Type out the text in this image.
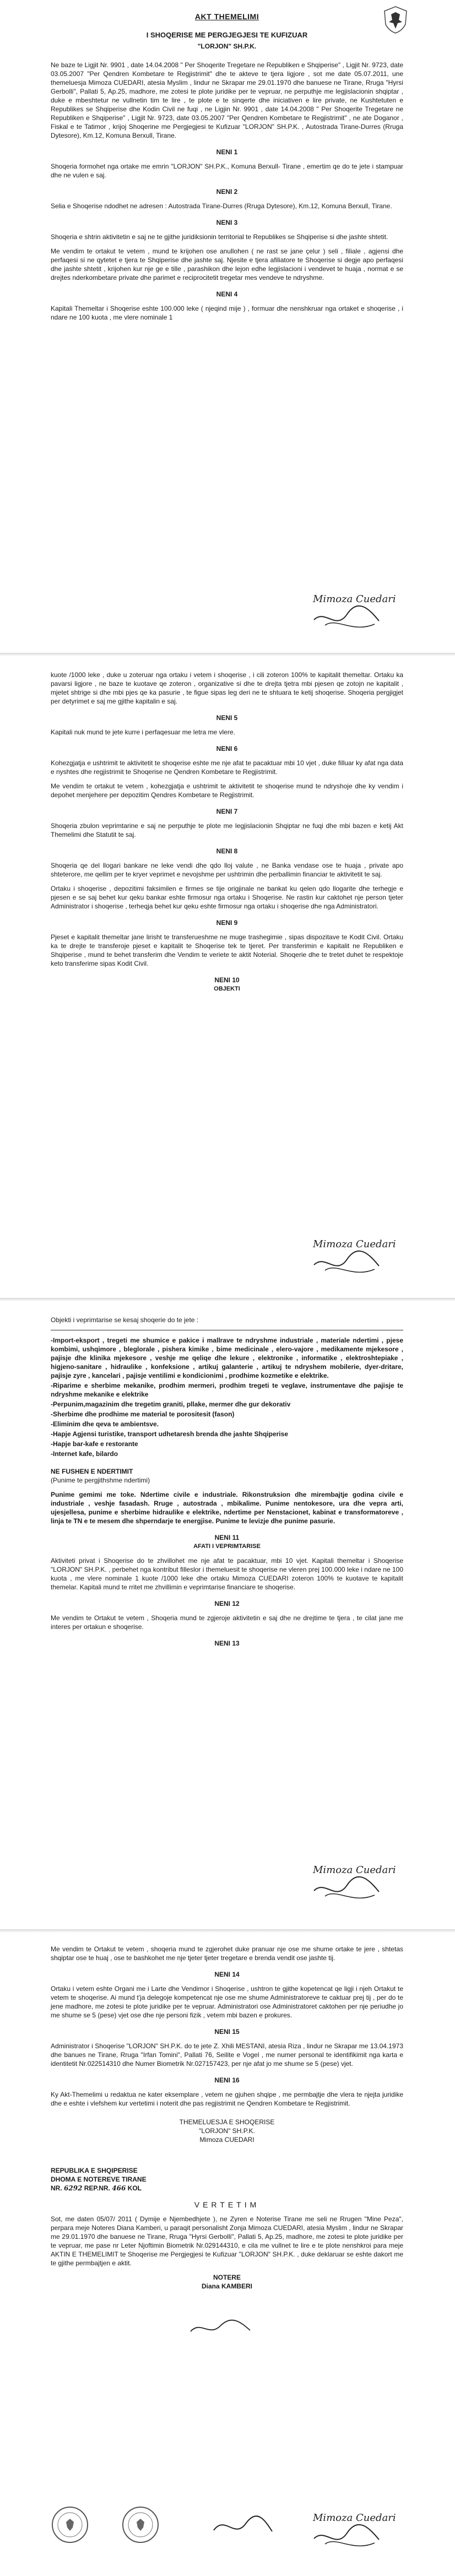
AKT THEMELIMI
I SHOQERISE ME PERGJEGJESI TE KUFIZUAR
"LORJON" SH.P.K.

Ne baze te Ligjit Nr. 9901 , date 14.04.2008 " Per Shoqerite Tregetare ne Republiken e Shqiperise" , Ligjit Nr. 9723, date 03.05.2007 "Per Qendren Kombetare te Regjistrimit" dhe te akteve te tjera ligjore , sot me date 05.07.2011, une themeluesja Mimoza CUEDARI, atesia Myslim , lindur ne Skrapar me 29.01.1970 dhe banuese ne Tirane, Rruga "Hyrsi Gerbolli", Pallati 5, Ap.25, madhore, me zotesi te plote juridike per te vepruar, ne perputhje me legjislacionin shqiptar , duke e mbeshtetur ne vullnetin tim te lire , te plote e te sinqerte dhe iniciativen e lire private, ne Kushtetuten e Republikes se Shqiperise dhe Kodin Civil ne fuqi , ne Ligjin Nr. 9901 , date 14.04.2008 " Per Shoqerite Tregetare ne Republiken e Shqiperise" , Ligjit Nr. 9723, date 03.05.2007 "Per Qendren Kombetare te Regjistrimit" , ne ate Doganor , Fiskal e te Tatimor , krijoj Shoqerine me Pergjegjesi te Kufizuar "LORJON" SH.P.K. , Autostrada Tirane-Durres (Rruga Dytesore), Km.12, Komuna Berxull, Tirane.

NENI 1

Shoqeria formohet nga ortake me emrin "LORJON" SH.P.K., Komuna Berxull- Tirane , emertim qe do te jete i stampuar dhe ne vulen e saj.

NENI 2

Selia e Shoqerise ndodhet ne adresen : Autostrada Tirane-Durres (Rruga Dytesore), Km.12, Komuna Berxull, Tirane.

NENI 3

Shoqeria e shtrin aktivitetin e saj ne te gjithe juridiksionin territorial te Republikes se Shqiperise si dhe jashte shtetit.

Me vendim te ortakut te vetem , mund te krijohen ose anullohen ( ne rast se jane çelur ) seli , filiale , agjensi dhe perfaqesi si ne qytetet e tjera te Shqiperise dhe jashte saj. Njesite e tjera afiliatore te Shoqerise si degje apo perfaqesi dhe jashte shtetit , krijohen kur nje ge e tille , parashikon dhe lejon edhe legjislacioni i vendevet te huaja , normat e se drejtes nderkombetare private dhe parimet e reciprocitetit tregetar mes vendeve te ndryshme.

NENI 4

Kapitali Themeltar i Shoqerise eshte 100.000 leke ( njeqind mije ) , formuar dhe nenshkruar nga ortaket e shoqerise , i ndare ne 100 kuota , me vlere nominale 1

Mimoza Cuedari

kuote /1000 leke , duke u zoteruar nga ortaku i vetem i shoqerise , i cili zoteron 100% te kapitalit themeltar. Ortaku ka pavarsi ligjore , ne baze te kuotave qe zoteron , organizative si dhe te drejta tjetra mbi pjesen qe zotojn ne kapitalit , mjetet shtrige si dhe mbi pjes qe ka pasurie , te figue sipas leg deri ne te shtuara te ketij shoqerise. Shoqeria pergjigjet per detyrimet e saj me gjithe kapitalin e saj.

NENI 5

Kapitali nuk mund te jete kurre i perfaqesuar me letra me vlere.

NENI 6

Kohezgjatja e ushtrimit te aktivitetit te shoqerise eshte me nje afat te pacaktuar mbi 10 vjet , duke filluar ky afat nga data e nyshtes dhe regjistrimit te Shoqerise ne Qendren Kombetare te Regjistrimit.

Me vendim te ortakut te vetem , kohezgjatja e ushtrimit te aktivitetit te shoqerise mund te ndryshoje dhe ky vendim i depohet menjehere per depozitim Qendres Kombetare te Regjistrimit.

NENI 7

Shoqeria zbulon veprimtarine e saj ne perputhje te plote me legjislacionin Shqiptar ne fuqi dhe mbi bazen e ketij Akt Themelimi dhe Statutit te saj.

NENI 8

Shoqeria qe del llogari bankare ne leke vendi dhe qdo lloj valute , ne Banka vendase ose te huaja , private apo shteterore, me qellim per te kryer veprimet e nevojshme per ushtrimin dhe perballimin financiar te aktivitetit te saj.

Ortaku i shoqerise , depozitimi faksimilen e firmes se tije origjinale ne bankat ku qelen qdo llogarite dhe terhegje e pjesen e se saj behet kur qeku bankar eshte firmosur nga ortaku i Shoqerise. Ne rastin kur caktohet nje person tjeter Administrator i shoqerise , terheqja behet kur qeku eshte firmosur nga ortaku i shoqerise dhe nga Administratori.

NENI 9

Pjeset e kapitalit themeltar jane lirisht te transferueshme ne muge trashegimie , sipas dispozitave te Kodit Civil. Ortaku ka te drejte te transferoje pjeset e kapitalit te Shoqerise tek te tjeret. Per transferimin e kapitalit ne Republiken e Shqiperise , mund te behet transferim dhe Vendim te veriete te aktit Noterial. Shoqerie dhe te tretet duhet te respektoje keto transferime sipas Kodit Civil.

NENI 10
OBJEKTI
Mimoza Cuedari

Objekti i veprimtarise se kesaj shoqerie do te jete :

-Import-eksport , tregeti me shumice e pakice i mallrave te ndryshme industriale , materiale ndertimi , pjese kombimi, ushqimore , bleglorale , pishera kimike , bime medicinale , elero-vajore , medikamente mjekesore , pajisje dhe klinika mjekesore , veshje me qeliqe dhe lekure , elektronike , informatike , elektroshtepiake , higjeno-sanitare , hidraulike , konfeksione , artikuj galanterie , artikuj te ndryshem mobilerie, dyer-dritare, pajisje zyre , kancelari , pajisje ventilimi e kondicionimi , prodhime kozmetike e elektrike.
-Riparime e sherbime mekanike, prodhim mermeri, prodhim tregeti te veglave, instrumentave dhe pajisje te ndryshme mekanike e elektrike
-Perpunim,magazinim dhe tregetim graniti, pllake, mermer dhe gur dekorativ
-Sherbime dhe prodhime me material te porositesit (fason)
-Eliminim dhe qeva te ambientsve.
-Hapje Agjensi turistike, transport udhetaresh brenda dhe jashte Shqiperise
-Hapje bar-kafe e restorante
-Internet kafe, bilardo
NE FUSHEN E NDERTIMIT
(Punime te pergjithshme ndertimi)

Punime gemimi me toke. Ndertime civile e industriale. Rikonstruksion dhe mirembajtje godina civile e industriale , veshje fasadash. Rruge , autostrada , mbikalime. Punime nentokesore, ura dhe vepra arti, ujesjellesa, punime e sherbime hidraulike e elektrike, ndertime per Nenstacionet, kabinat e transformatoreve , linja te TN e te mesem dhe shperndarje te energjise. Punime te levizje dhe punime pasurie.

NENI 11
AFATI I VEPRIMTARISE

Aktiviteti privat i Shoqerise do te zhvillohet me nje afat te pacaktuar, mbi 10 vjet. Kapitali themeltar i Shoqerise "LORJON" SH.P.K. , perbehet nga kontribut filleslor i themeluesit te shoqerise ne vleren prej 100.000 leke i ndare ne 100 kuota , me vlere nominale 1 kuote /1000 leke dhe ortaku Mimoza CUEDARI zoteron 100% te kuotave te kapitalit themelar. Kapitali mund te rritet me zhvillimin e veprimtarise financiare te shoqerise.

NENI 12

Me vendim te Ortakut te vetem , Shoqeria mund te zgjeroje aktivitetin e saj dhe ne drejtime te tjera , te cilat jane me interes per ortakun e shoqerise.

NENI 13
Mimoza Cuedari

Me vendim te Ortakut te vetem , shoqeria mund te zgjerohet duke pranuar nje ose me shume ortake te jere , shtetas shqiptar ose te huaj , ose te bashkohet me nje tjeter tjeter tregetare e brenda vendit ose jashte tij.

NENI 14

Ortaku i vetem eshte Organi me i Larte dhe Vendimor i Shoqerise , ushtron te gjithe kopetencat qe ligji i njeh Ortakut te vetem te shoqerise. Ai mund t'ja delegoje kompetencat nje ose me shume Administratoreve te caktuar prej tij , per do te jene madhore, me zotesi te plote juridike per te vepruar. Administratori ose Administratoret caktohen per nje periudhe jo me shume se 5 (pese) vjet ose dhe nje personi fizik , vetem mbi bazen e prokures.

NENI 15

Administrator i Shoqerise "LORJON" SH.P.K. do te jete Z. Xhili MESTANI, atesia Riza , lindur ne Skrapar me 13.04.1973 dhe banues ne Tirane, Rruga "Irfan Tomini", Pallati 76, Seilite e Vogel , me numer personal te identifikimit nga karta e identitetit Nr.022514310 dhe Numer Biometrik Nr.027157423, per nje afat jo me shume se 5 (pese) vjet.

NENI 16

Ky Akt-Themelimi u redaktua ne kater eksemplare , vetem ne gjuhen shqipe , me permbajtje dhe vlera te njejta juridike dhe e eshte i vlefshem kur vertetimi i noterit dhe pas regjistrimit ne Qendren Kombetare te Regjistrimit.

THEMELUESJA E SHOQERISE
"LORJON" SH.P.K.
Mimoza CUEDARI
REPUBLIKA E SHQIPERISE
DHOMA E NOTEREVE TIRANE
NR. 6292 REP.NR. 466 KOL
VERTETIM

Sot, me daten 05/07/ 2011 ( Dymije e Njembedhjete ), ne Zyren e Noterise Tirane me seli ne Rrugen "Mine Peza", perpara meje Noteres Diana Kamberi, u paraqit personalisht Zonja Mimoza CUEDARI, atesia Myslim , lindur ne Skrapar me 29.01.1970 dhe banuese ne Tirane, Rruga "Hyrsi Gerbolli", Pallati 5, Ap.25, madhore, me zotesi te plote juridike per te vepruar, me pase nr Leter Njoftimin Biometrik Nr.029144310, e cila me vullnet te lire e te plote nenshkroi para meje AKTIN E THEMELIMIT te Shoqerise me Pergjegjesi te Kufizuar "LORJON" SH.P.K. , duke deklaruar se eshte dakort me te gjithe permbajtjen e aktit.

NOTERE
Diana KAMBERI
Mimoza Cuedari
